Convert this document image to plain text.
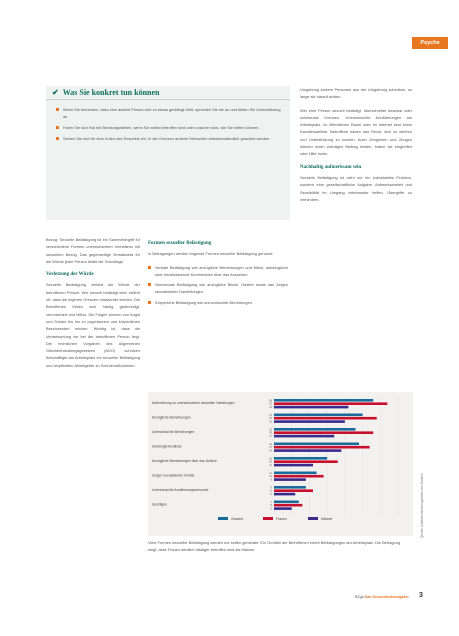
Psyche
✔ Was Sie konkret tun können
Wenn Sie bemerken, dass eine andere Person sich zu etwas gedrängt fühlt, sprechen Sie sie an und bieten Sie Unterstützung an.
Holen Sie sich Rat bei Beratungsstellen, wenn Sie selbst betroffen sind oder unsicher sind, wie Sie helfen können.
Setzen Sie sich für eine Kultur des Respekts ein, in der Grenzen anderer Menschen selbstverständlich geachtet werden.

Umgebung Andere Personen aus der Umgebung schenken, so lange sie darauf achten.

Wer eine Person sexuell belästigt, überschreitet bewusst oder unbewusst Grenzen. Unerwünschte Annäherungen am Arbeitsplatz, im öffentlichen Raum oder im Internet sind keine Kavaliersdelikte. Betroffene haben das Recht, sich zu wehren und Unterstützung zu suchen. Auch Zeuginnen und Zeugen können einen wichtigen Beitrag leisten, indem sie eingreifen oder Hilfe holen.

Nachhaltig aufmerksam sein

Sexuelle Belästigung ist nicht nur ein individuelles Problem, sondern eine gesellschaftliche Aufgabe. Aufmerksamkeit und Sensibilität im Umgang miteinander helfen, Übergriffe zu verhindern.

Bezug: Sexuelle Belästigung ist ein Sammelbegriff für verschiedene Formen unerwünschten Verhaltens mit sexuellem Bezug. Das gegenseitige Verständnis für die Würde jeder Person bildet die Grundlage.

Verletzung der Würde

Sexuelle Belästigung verletzt die Würde der betroffenen Person. Wer sexuell belästigt wird, erfährt oft, dass die eigenen Grenzen missachtet werden. Die Betroffenen fühlen sich häufig gedemütigt, verunsichert und hilflos. Die Folgen können von Angst und Scham bis hin zu psychischen und körperlichen Beschwerden reichen. Wichtig ist, dass die Verantwortung nie bei der betroffenen Person liegt. Die rechtlichen Vorgaben des Allgemeinen Gleichbehandlungsgesetzes (AGG) schützen Beschäftigte am Arbeitsplatz vor sexueller Belästigung und verpflichten Arbeitgeber zu Schutzmaßnahmen.

Formen sexueller Belästigung

In Befragungen werden folgende Formen sexueller Belästigung genannt:

Verbale Belästigung wie anzügliche Bemerkungen und Witze, aufdringliche oder herabsetzende Kommentare über das Aussehen.
Nonverbale Belästigung wie anzügliche Blicke, Gesten sowie das Zeigen sexualisierter Darstellungen.
Körperliche Belästigung wie unerwünschte Berührungen.
Aufforderung zu unerwünschten sexuellen Handlungen
28
32
21
Anzügliche Bemerkungen
25
29
20
Unerwünschte Berührungen
23
28
17
Aufdringliche Blicke
24
27
19
Anzügliche Bemerkungen über das Äußere
15
18
11
Zeigen sexualisierter Inhalte
12
14
9
Unerwünschte Annäherungsversuche
9
11
6
Sonstiges
7
8
5
Gesamt	Frauen	Männer	Quelle: Antidiskriminierungsstelle des Bundes
Viele Formen sexueller Belästigung werden nur selten gemeldet. Ein Großteil der Betroffenen erlebt Belästigungen am Arbeitsplatz. Die Befragung zeigt, dass Frauen deutlich häufiger betroffen sind als Männer.
BZgA Das Gesundheitsmagazin 3
